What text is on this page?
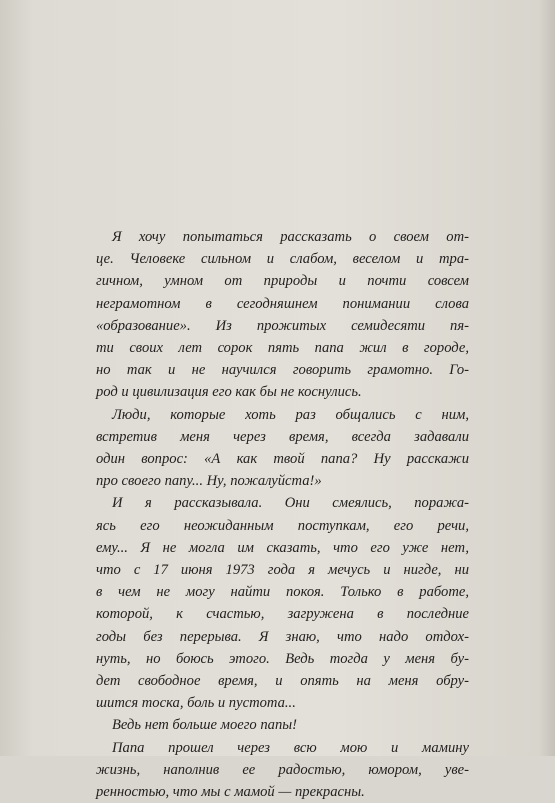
Я хочу попытаться рассказать о своем от-
це. Человеке сильном и слабом, веселом и тра-
гичном, умном от природы и почти совсем
неграмотном в сегодняшнем понимании слова
«образование». Из прожитых семидесяти пя-
ти своих лет сорок пять папа жил в городе,
но так и не научился говорить грамотно. Го-
род и цивилизация его как бы не коснулись.
Люди, которые хоть раз общались с ним,
встретив меня через время, всегда задавали
один вопрос: «А как твой папа? Ну расскажи
про своего папу... Ну, пожалуйста!»
И я рассказывала. Они смеялись, поража-
ясь его неожиданным поступкам, его речи,
ему... Я не могла им сказать, что его уже нет,
что с 17 июня 1973 года я мечусь и нигде, ни
в чем не могу найти покоя. Только в работе,
которой, к счастью, загружена в последние
годы без перерыва. Я знаю, что надо отдох-
нуть, но боюсь этого. Ведь тогда у меня бу-
дет свободное время, и опять на меня обру-
шится тоска, боль и пустота...
Ведь нет больше моего папы!
Папа прошел через всю мою и мамину
жизнь, наполнив ее радостью, юмором, уве-
ренностью, что мы с мамой — прекрасны.
